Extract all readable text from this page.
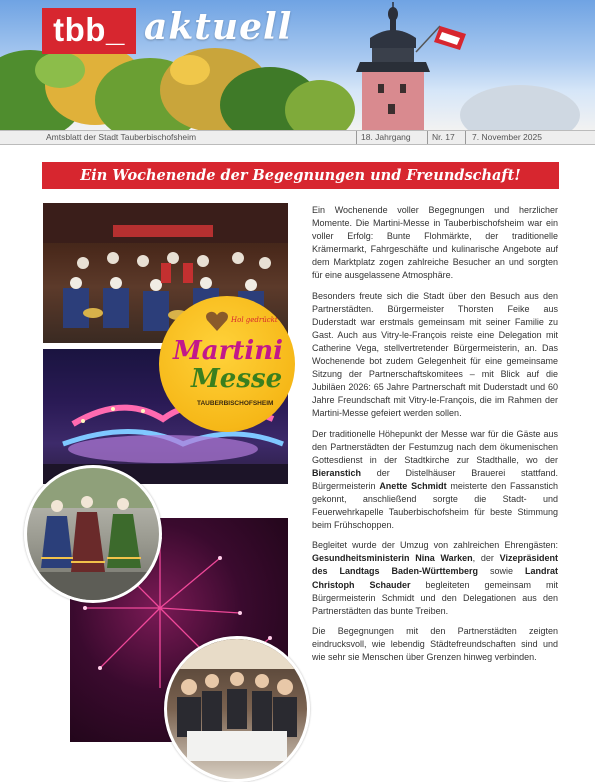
tbb_ aktuell
Amtsblatt der Stadt Tauberbischofsheim	18. Jahrgang	Nr. 17 7. November 2025
Ein Wochenende der Begegnungen und Freundschaft!
Hol gedrückt
Martini
Messe
TAUBERBISCHOFSHEIM

Ein Wochenende voller Begegnungen und herzlicher Momente. Die Martini-Messe in Tauberbischofsheim war ein voller Erfolg: Bunte Flohmärkte, der traditionelle Krämermarkt, Fahrgeschäfte und kulinarische Angebote auf dem Marktplatz zogen zahlreiche Besucher an und sorgten für eine ausgelassene Atmosphäre.

Besonders freute sich die Stadt über den Besuch aus den Partnerstädten. Bürgermeister Thorsten Feike aus Duderstadt war erstmals gemeinsam mit seiner Familie zu Gast. Auch aus Vitry-le-François reiste eine Delegation mit Catherine Vega, stellvertretender Bürgermeisterin, an. Das Wochenende bot zudem Gelegenheit für eine gemeinsame Sitzung der Partnerschaftskomitees – mit Blick auf die Jubiläen 2026: 65 Jahre Partnerschaft mit Duderstadt und 60 Jahre Freundschaft mit Vitry-le-François, die im Rahmen der Martini-Messe gefeiert werden sollen.

Der traditionelle Höhepunkt der Messe war für die Gäste aus den Partnerstädten der Festumzug nach dem ökumenischen Gottesdienst in der Stadtkirche zur Stadthalle, wo der Bieranstich der Distelhäuser Brauerei stattfand. Bürgermeisterin Anette Schmidt meisterte den Fassanstich gekonnt, anschließend sorgte die Stadt- und Feuerwehrkapelle Tauberbischofsheim für beste Stimmung beim Frühschoppen.

Begleitet wurde der Umzug von zahlreichen Ehrengästen: Gesundheitsministerin Nina Warken, der Vizepräsident des Landtags Baden-Württemberg sowie Landrat Christoph Schauder begleiteten gemeinsam mit Bürgermeisterin Schmidt und den Delegationen aus den Partnerstädten das bunte Treiben.

Die Begegnungen mit den Partnerstädten zeigten eindrucksvoll, wie lebendig Städtefreundschaften sind und wie sehr sie Menschen über Grenzen hinweg verbinden.
